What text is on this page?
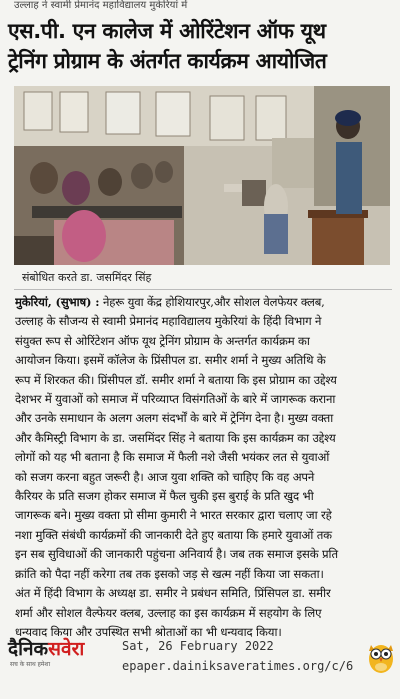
उल्लाह ने स्वामी प्रेमानंद महाविद्यालय मुकेरियां में
एस.पी. एन कालेज में ओरिंटेशन ऑफ यूथ
ट्रेनिंग प्रोग्राम के अंतर्गत कार्यक्रम आयोजित
संबोधित करते डा. जसमिंदर सिंह
मुकेरियां, (सुभाष) : नेहरू युवा केंद्र होशियारपुर,और सोशल वेलफेयर क्लब,
उल्लाह के सौजन्य से स्वामी प्रेमानंद महाविद्यालय मुकेरियां के हिंदी विभाग ने
संयुक्त रूप से ओरिंटेशन ऑफ यूथ ट्रेनिंग प्रोग्राम के अन्तर्गत कार्यक्रम का
आयोजन किया। इसमें कॉलेज के प्रिंसीपल डा. समीर शर्मा ने मुख्य अतिथि के
रूप में शिरकत की। प्रिंसीपल डॉ. समीर शर्मा ने बताया कि इस प्रोग्राम का उद्देश्य
देशभर में युवाओं को समाज में परिव्याप्त विसंगतिओं के बारे में जागरूक कराना
और उनके समाधान के अलग अलग संदर्भों के बारे में ट्रेनिंग देना है। मुख्य वक्ता
और कैमिस्ट्री विभाग के डा. जसमिंदर सिंह ने बताया कि इस कार्यक्रम का उद्देश्य
लोगों को यह भी बताना है कि समाज में फैली नशे जैसी भयंकर लत से युवाओं
को सजग करना बहुत जरूरी है। आज युवा शक्ति को चाहिए कि वह अपने
कैरियर के प्रति सजग होकर समाज में फैल चुकी इस बुराई के प्रति खुद भी
जागरूक बने। मुख्य वक्ता प्रो सीमा कुमारी ने भारत सरकार द्वारा चलाए जा रहे
नशा मुक्ति संबंधी कार्यक्रमों की जानकारी देते हुए बताया कि हमारे युवाओं तक
इन सब सुविधाओं की जानकारी पहुंचना अनिवार्य है। जब तक समाज इसके प्रति
क्रांति को पैदा नहीं करेगा तब तक इसको जड़ से खत्म नहीं किया जा सकता।
अंत में हिंदी विभाग के अध्यक्ष डा. समीर ने प्रबंधन समिति, प्रिंसिपल डा. समीर
शर्मा और सोशल वैल्फेयर क्लब, उल्लाह का इस कार्यक्रम में सहयोग के लिए
धन्यवाद किया और उपस्थित सभी श्रोताओं का भी धन्यवाद किया।
दैनिकसवेरा
सच के साथ हमेशा
Sat, 26 February 2022
epaper.dainiksaveratimes.org/c/6
